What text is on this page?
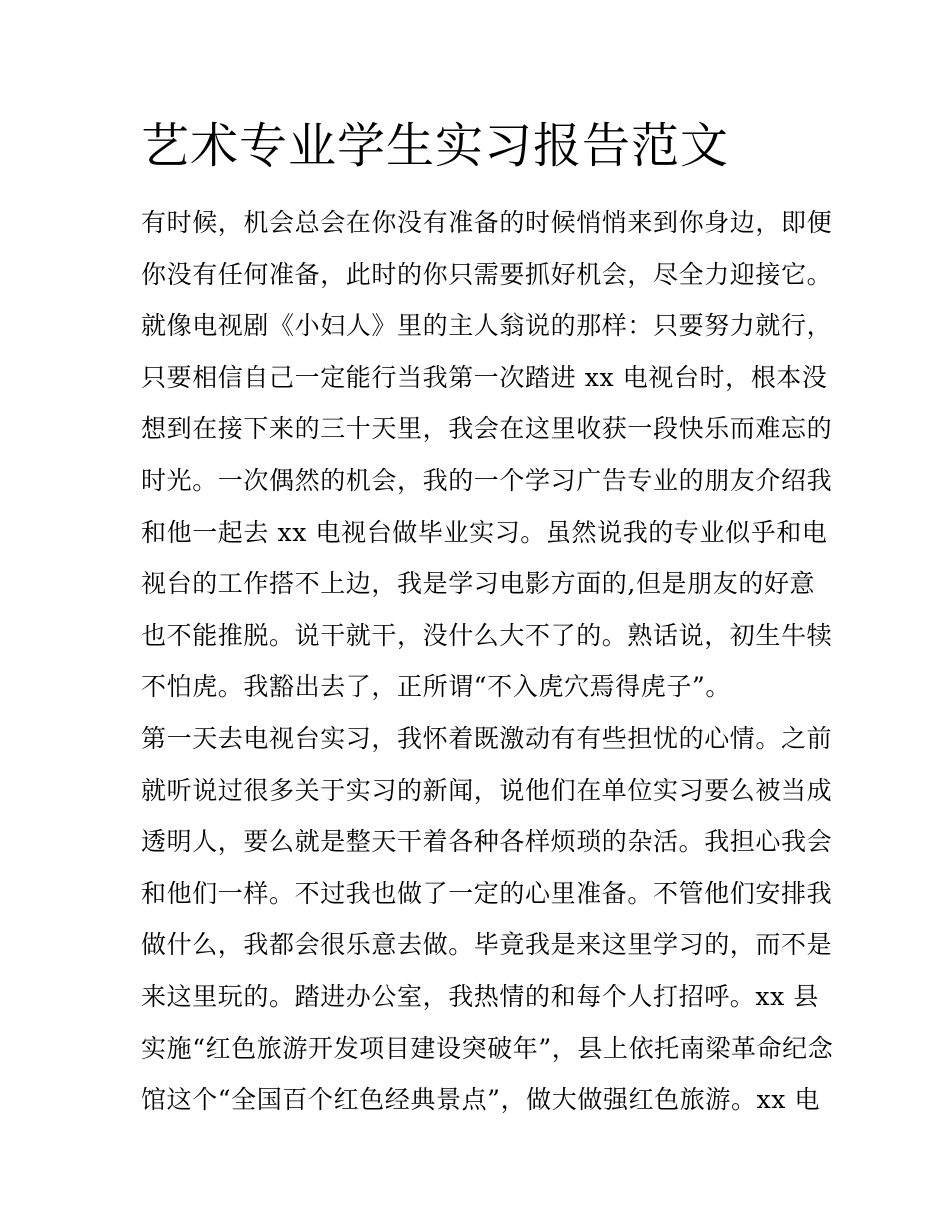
艺术专业学生实习报告范文
有时候，机会总会在你没有准备的时候悄悄来到你身边，即便
你没有任何准备，此时的你只需要抓好机会，尽全力迎接它。
就像电视剧《小妇人》里的主人翁说的那样：只要努力就行，
只要相信自己一定能行当我第一次踏进 xx 电视台时，根本没
想到在接下来的三十天里，我会在这里收获一段快乐而难忘的
时光。一次偶然的机会，我的一个学习广告专业的朋友介绍我
和他一起去 xx 电视台做毕业实习。虽然说我的专业似乎和电
视台的工作搭不上边，我是学习电影方面的,但是朋友的好意
也不能推脱。说干就干，没什么大不了的。熟话说，初生牛犊
不怕虎。我豁出去了，正所谓“不入虎穴焉得虎子”。
第一天去电视台实习，我怀着既激动有有些担忧的心情。之前
就听说过很多关于实习的新闻，说他们在单位实习要么被当成
透明人，要么就是整天干着各种各样烦琐的杂活。我担心我会
和他们一样。不过我也做了一定的心里准备。不管他们安排我
做什么，我都会很乐意去做。毕竟我是来这里学习的，而不是
来这里玩的。踏进办公室，我热情的和每个人打招呼。xx 县
实施“红色旅游开发项目建设突破年”，县上依托南梁革命纪念
馆这个“全国百个红色经典景点”，做大做强红色旅游。xx 电
